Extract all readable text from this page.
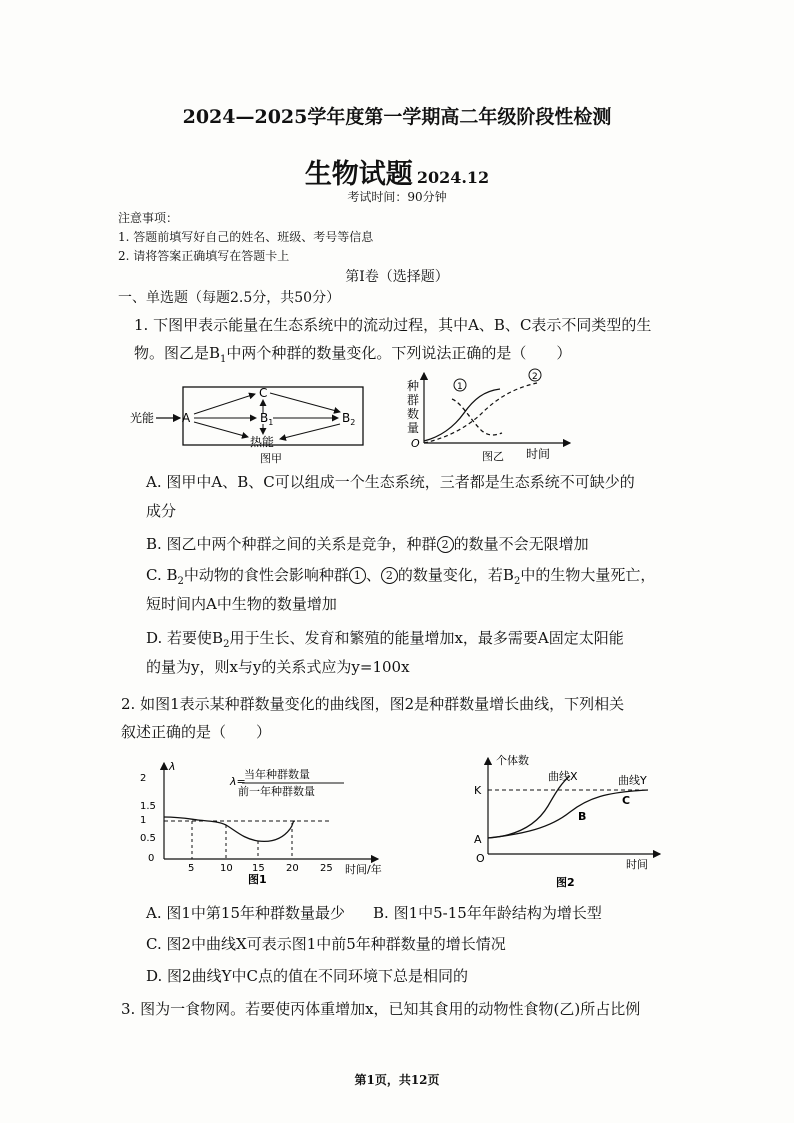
2024—2025学年度第一学期高二年级阶段性检测
生物试题 2024.12
考试时间：90分钟
注意事项：
1. 答题前填写好自己的姓名、班级、考号等信息
2. 请将答案正确填写在答题卡上
第Ⅰ卷（选择题）
一、单选题（每题2.5分，共50分）
1. 下图甲表示能量在生态系统中的流动过程，其中A、B、C表示不同类型的生
物。图乙是$B_1$中两个种群的数量变化。下列说法正确的是（　　）
光能 A
C
$B_1$	$B_2$
热能
图甲
种
群
数
量
O
1
2
时间
图乙
A. 图甲中A、B、C可以组成一个生态系统，三者都是生态系统不可缺少的
成分
B. 图乙中两个种群之间的关系是竞争，种群 2 的数量不会无限增加
C. $B_2$中动物的食性会影响种群 1 、 2 的数量变化，若$B_2$中的生物大量死亡，
短时间内A中生物的数量增加
D. 若要使$B_2$用于生长、发育和繁殖的能量增加x，最多需要A固定太阳能
的量为y，则x与y的关系式应为y=100x
2. 如图1表示某种群数量变化的曲线图，图2是种群数量增长曲线，下列相关
叙述正确的是（　　）
λ
2
1.5
1
0.5
0
5	10 15 20 25 时间/年
λ=
当年种群数量
前一年种群数量
图1
个体数
K
A
曲线X	曲线Y
B
C
O	时间
图2
A. 图1中第15年种群数量最少 B. 图1中5-15年年龄结构为增长型
C. 图2中曲线X可表示图1中前5年种群数量的增长情况
D. 图2曲线Y中C点的值在不同环境下总是相同的
3. 图为一食物网。若要使丙体重增加x，已知其食用的动物性食物(乙)所占比例
第1页，共12页
